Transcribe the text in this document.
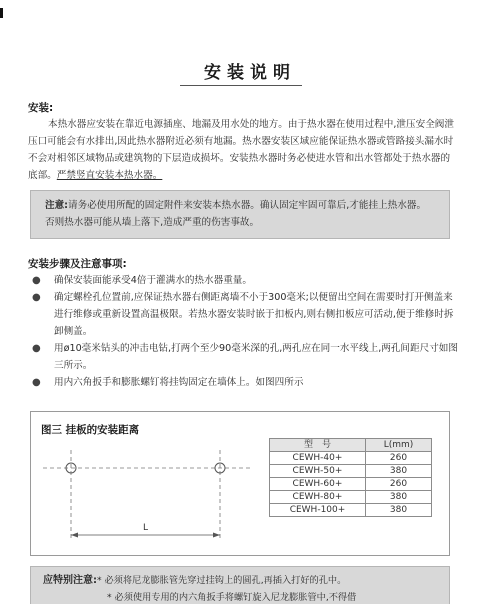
安装说明
安装:
本热水器应安装在靠近电源插座、地漏及用水处的地方。由于热水器在使用过程中,泄压安全阀泄压口可能会有水排出,因此热水器附近必须有地漏。热水器安装区域应能保证热水器或管路接头漏水时不会对相邻区域物品或建筑物的下层造成损坏。安装热水器时务必使进水管和出水管都处于热水器的底部。严禁竖直安装本热水器。
注意:请务必使用所配的固定附件来安装本热水器。确认固定牢固可靠后,才能挂上热水器。否则热水器可能从墙上落下,造成严重的伤害事故。
安装步骤及注意事项:
● 确保安装面能承受4倍于灌满水的热水器重量。
● 确定螺栓孔位置前,应保证热水器右侧距离墙不小于300毫米;以便留出空间在需要时打开侧盖来进行维修或重新设置高温极限。若热水器安装时嵌于扣板内,则右侧扣板应可活动,便于维修时拆卸侧盖。
● 用ø10毫米钻头的冲击电钻,打两个至少90毫米深的孔,两孔应在同一水平线上,两孔间距尺寸如图三所示。
● 用内六角扳手和膨胀螺钉将挂钩固定在墙体上。如图四所示
图三 挂板的安装距离
L
型　号	L(mm)
CEWH-40+	260
CEWH-50+	380
CEWH-60+	260
CEWH-80+	380
CEWH-100+	380
应特别注意:* 必须将尼龙膨胀管先穿过挂钩上的圆孔,再插入打好的孔中。
* 必须使用专用的内六角扳手将螺钉旋入尼龙膨胀管中,不得借
